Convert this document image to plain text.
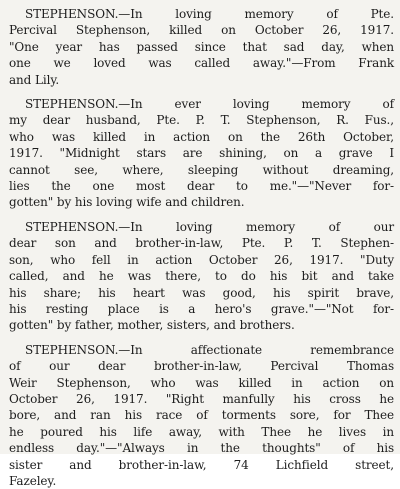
STEPHENSON.—In loving memory of Pte.
Percival Stephenson, killed on October 26, 1917.
"One year has passed since that sad day, when
one we loved was called away."—From Frank
and Lily.
STEPHENSON.—In ever loving memory of
my dear husband, Pte. P. T. Stephenson, R. Fus.,
who was killed in action on the 26th October,
1917. "Midnight stars are shining, on a grave I
cannot see, where, sleeping without dreaming,
lies the one most dear to me."—"Never for-
gotten" by his loving wife and children.
STEPHENSON.—In loving memory of our
dear son and brother-in-law, Pte. P. T. Stephen-
son, who fell in action October 26, 1917. "Duty
called, and he was there, to do his bit and take
his share; his heart was good, his spirit brave,
his resting place is a hero's grave."—"Not for-
gotten" by father, mother, sisters, and brothers.
STEPHENSON.—In affectionate remembrance
of our dear brother-in-law, Percival Thomas
Weir Stephenson, who was killed in action on
October 26, 1917. "Right manfully his cross he
bore, and ran his race of torments sore, for Thee
he poured his life away, with Thee he lives in
endless day."—"Always in the thoughts" of his
sister and brother-in-law, 74 Lichfield street,
Fazeley.
